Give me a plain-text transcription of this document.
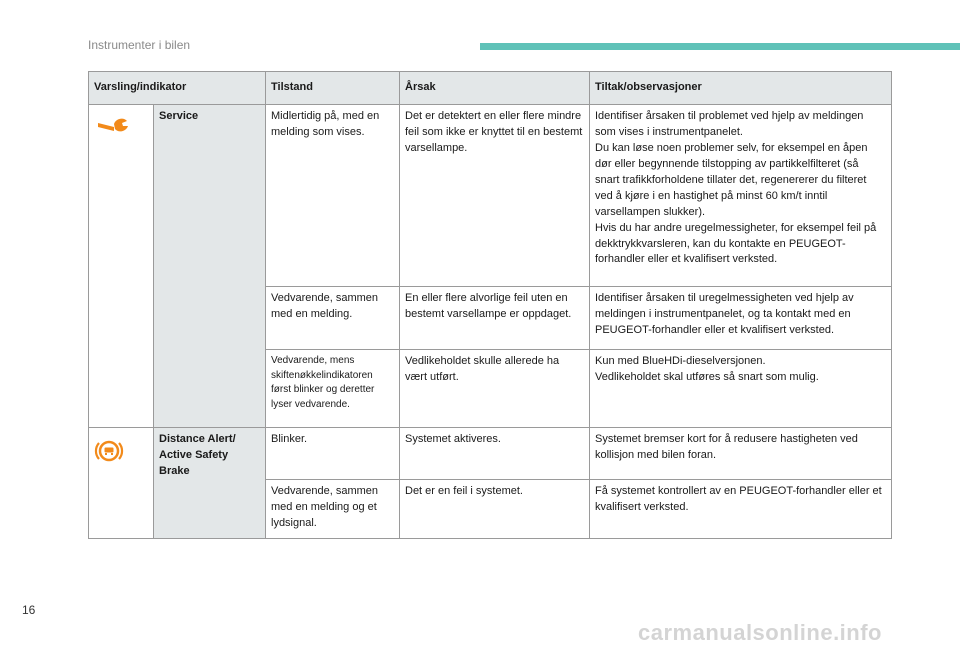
Instrumenter i bilen
Varsling/indikator		Tilstand	Årsak	Tiltak/observasjoner
	Service	Midlertidig på, med en melding som vises.	Det er detektert en eller flere mindre feil som ikke er knyttet til en bestemt varsellampe.	Identifiser årsaken til problemet ved hjelp av meldingen som vises i instrumentpanelet.
Du kan løse noen problemer selv, for eksempel en åpen dør eller begynnende tilstopping av partikkelfilteret (så snart trafikkforholdene tillater det, regenererer du filteret ved å kjøre i en hastighet på minst 60 km/t inntil varsellampen slukker).
Hvis du har andre uregelmessigheter, for eksempel feil på dekktrykkvarsleren, kan du kontakte en PEUGEOT-forhandler eller et kvalifisert verksted.

		Vedvarende, sammen med en melding.	En eller flere alvorlige feil uten en bestemt varsellampe er oppdaget.	Identifiser årsaken til uregelmessigheten ved hjelp av meldingen i instrumentpanelet, og ta kontakt med en PEUGEOT-forhandler eller et kvalifisert verksted.

		Vedvarende, mens skiftenøkkelindikatoren først blinker og deretter lyser vedvarende.	Vedlikeholdet skulle allerede ha vært utført.	Kun med BlueHDi-dieselversjonen.
Vedlikeholdet skal utføres så snart som mulig.

	Distance Alert/ Active Safety Brake	Blinker.	Systemet aktiveres.	Systemet bremser kort for å redusere hastigheten ved kollisjon med bilen foran.

		Vedvarende, sammen med en melding og et lydsignal.	Det er en feil i systemet.	Få systemet kontrollert av en PEUGEOT-forhandler eller et kvalifisert verksted.
16
carmanualsonline.info
